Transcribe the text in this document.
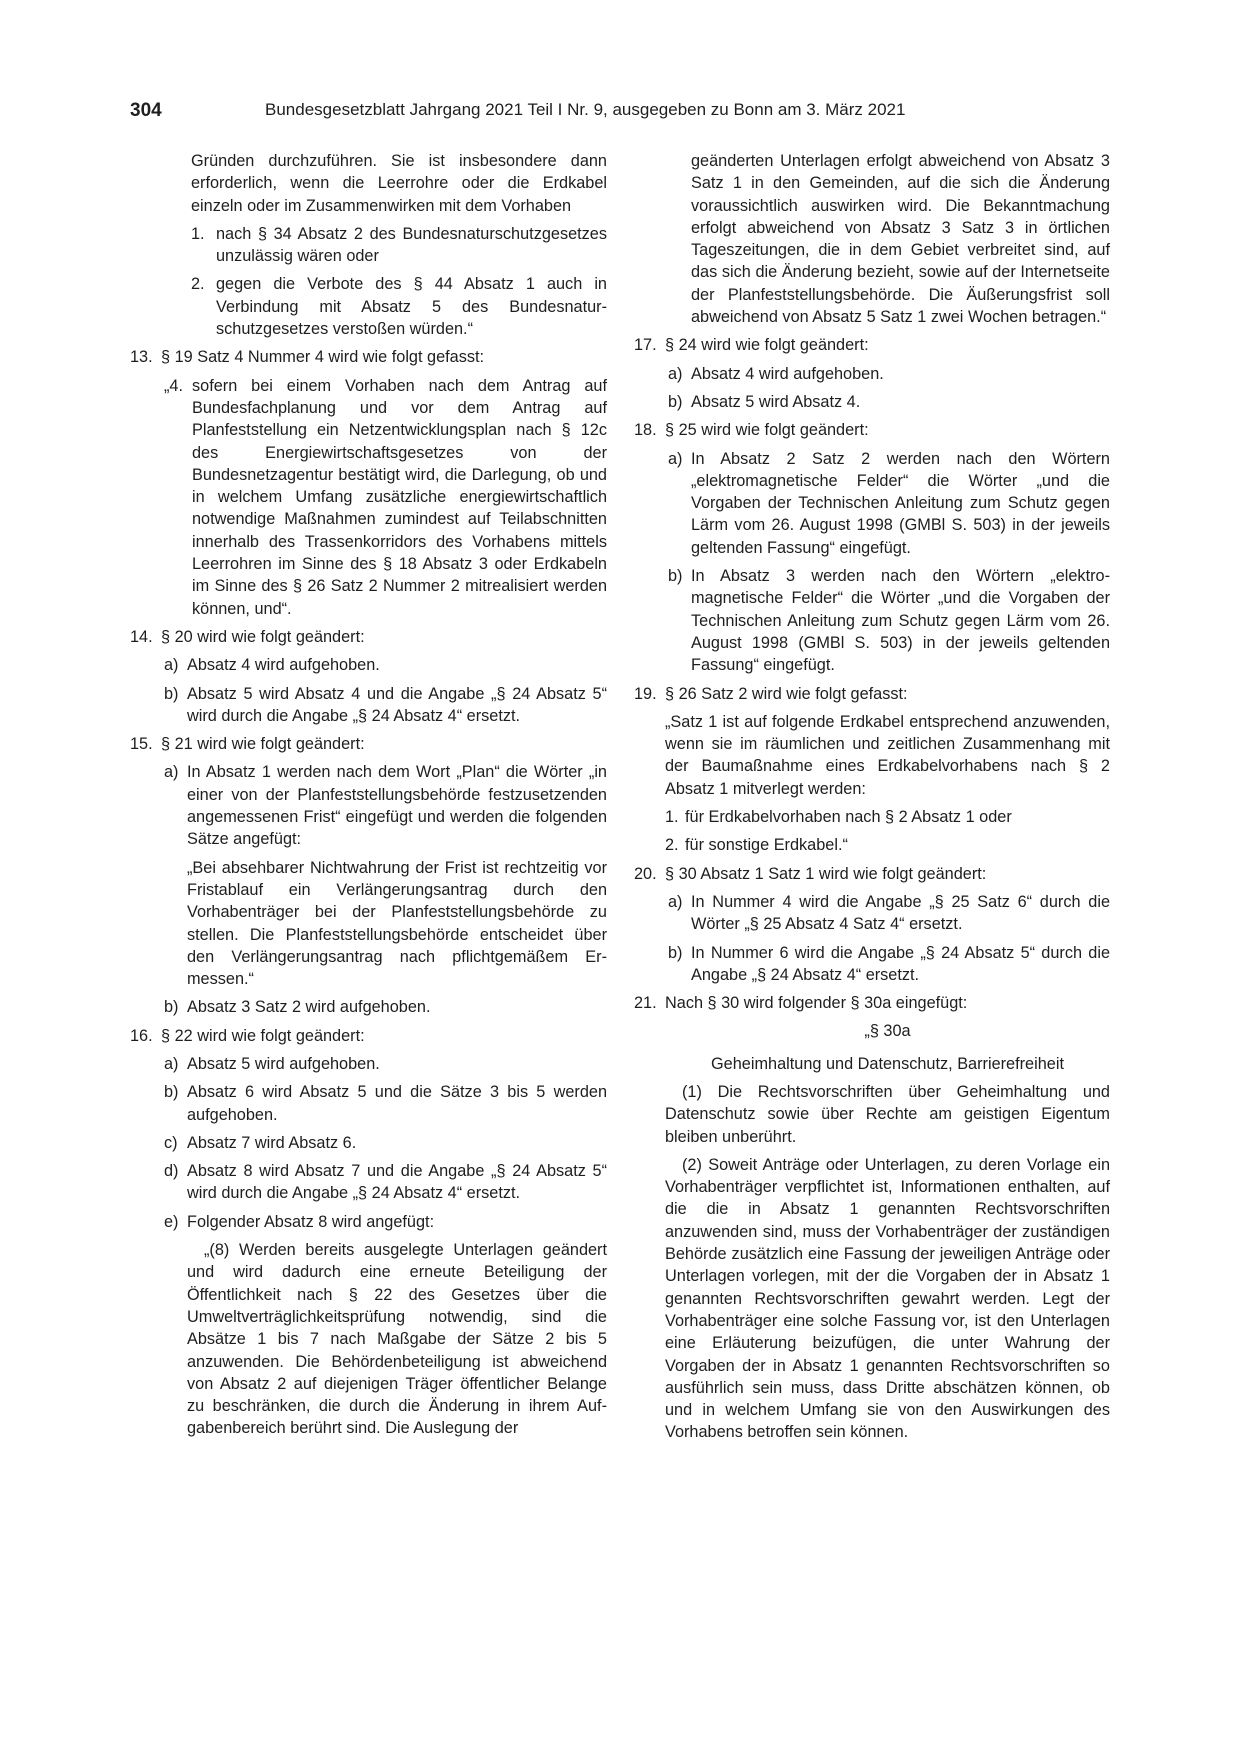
304	Bundesgesetzblatt Jahrgang 2021 Teil I Nr. 9, ausgegeben zu Bonn am 3. März 2021

Gründen durchzuführen. Sie ist insbesondere dann erforderlich, wenn die Leerrohre oder die Erdkabel einzeln oder im Zusammenwirken mit dem Vorhaben

1. nach § 34 Absatz 2 des Bundesnaturschutzgesetzes unzulässig wären oder

2. gegen die Verbote des § 44 Absatz 1 auch in Verbindung mit Absatz 5 des Bundesnaturschutzgesetzes verstoßen würden.“

13. § 19 Satz 4 Nummer 4 wird wie folgt gefasst:

„4. sofern bei einem Vorhaben nach dem Antrag auf Bundesfachplanung und vor dem Antrag auf Planfeststellung ein Netzentwicklungsplan nach § 12c des Energiewirtschaftsgesetzes von der Bundesnetzagentur bestätigt wird, die Darlegung, ob und in welchem Umfang zusätzliche energiewirtschaftlich notwendige Maßnahmen zumindest auf Teilabschnitten innerhalb des Trassenkorridors des Vorhabens mittels Leerrohren im Sinne des § 18 Absatz 3 oder Erdkabeln im Sinne des § 26 Satz 2 Nummer 2 mitrealisiert werden können, und“.

14. § 20 wird wie folgt geändert:

a) Absatz 4 wird aufgehoben.

b) Absatz 5 wird Absatz 4 und die Angabe „§ 24 Absatz 5“ wird durch die Angabe „§ 24 Absatz 4“ ersetzt.

15. § 21 wird wie folgt geändert:

a) In Absatz 1 werden nach dem Wort „Plan“ die Wörter „in einer von der Planfeststellungsbehörde festzusetzenden angemessenen Frist“ eingefügt und werden die folgenden Sätze angefügt:

„Bei absehbarer Nichtwahrung der Frist ist rechtzeitig vor Fristablauf ein Verlängerungsantrag durch den Vorhabenträger bei der Planfeststellungsbehörde zu stellen. Die Planfeststellungsbehörde entscheidet über den Verlängerungsantrag nach pflichtgemäßem Ermessen.“

b) Absatz 3 Satz 2 wird aufgehoben.

16. § 22 wird wie folgt geändert:

a) Absatz 5 wird aufgehoben.

b) Absatz 6 wird Absatz 5 und die Sätze 3 bis 5 werden aufgehoben.

c) Absatz 7 wird Absatz 6.

d) Absatz 8 wird Absatz 7 und die Angabe „§ 24 Absatz 5“ wird durch die Angabe „§ 24 Absatz 4“ ersetzt.

e) Folgender Absatz 8 wird angefügt:

„(8) Werden bereits ausgelegte Unterlagen geändert und wird dadurch eine erneute Beteiligung der Öffentlichkeit nach § 22 des Gesetzes über die Umweltverträglichkeitsprüfung notwendig, sind die Absätze 1 bis 7 nach Maßgabe der Sätze 2 bis 5 anzuwenden. Die Behördenbeteiligung ist abweichend von Absatz 2 auf diejenigen Träger öffentlicher Belange zu beschränken, die durch die Änderung in ihrem Aufgabenbereich berührt sind. Die Auslegung der

geänderten Unterlagen erfolgt abweichend von Absatz 3 Satz 1 in den Gemeinden, auf die sich die Änderung voraussichtlich auswirken wird. Die Bekanntmachung erfolgt abweichend von Absatz 3 Satz 3 in örtlichen Tageszeitungen, die in dem Gebiet verbreitet sind, auf das sich die Änderung bezieht, sowie auf der Internetseite der Planfeststellungsbehörde. Die Äußerungsfrist soll abweichend von Absatz 5 Satz 1 zwei Wochen betragen.“

17. § 24 wird wie folgt geändert:

a) Absatz 4 wird aufgehoben.

b) Absatz 5 wird Absatz 4.

18. § 25 wird wie folgt geändert:

a) In Absatz 2 Satz 2 werden nach den Wörtern „elektromagnetische Felder“ die Wörter „und die Vorgaben der Technischen Anleitung zum Schutz gegen Lärm vom 26. August 1998 (GMBl S. 503) in der jeweils geltenden Fassung“ eingefügt.

b) In Absatz 3 werden nach den Wörtern „elektromagnetische Felder“ die Wörter „und die Vorgaben der Technischen Anleitung zum Schutz gegen Lärm vom 26. August 1998 (GMBl S. 503) in der jeweils geltenden Fassung“ eingefügt.

19. § 26 Satz 2 wird wie folgt gefasst:

„Satz 1 ist auf folgende Erdkabel entsprechend anzuwenden, wenn sie im räumlichen und zeitlichen Zusammenhang mit der Baumaßnahme eines Erdkabelvorhabens nach § 2 Absatz 1 mitverlegt werden:

1. für Erdkabelvorhaben nach § 2 Absatz 1 oder

2. für sonstige Erdkabel.“

20. § 30 Absatz 1 Satz 1 wird wie folgt geändert:

a) In Nummer 4 wird die Angabe „§ 25 Satz 6“ durch die Wörter „§ 25 Absatz 4 Satz 4“ ersetzt.

b) In Nummer 6 wird die Angabe „§ 24 Absatz 5“ durch die Angabe „§ 24 Absatz 4“ ersetzt.

21. Nach § 30 wird folgender § 30a eingefügt:

„§ 30a

Geheimhaltung und Datenschutz, Barrierefreiheit

(1) Die Rechtsvorschriften über Geheimhaltung und Datenschutz sowie über Rechte am geistigen Eigentum bleiben unberührt.

(2) Soweit Anträge oder Unterlagen, zu deren Vorlage ein Vorhabenträger verpflichtet ist, Informationen enthalten, auf die die in Absatz 1 genannten Rechtsvorschriften anzuwenden sind, muss der Vorhabenträger der zuständigen Behörde zusätzlich eine Fassung der jeweiligen Anträge oder Unterlagen vorlegen, mit der die Vorgaben der in Absatz 1 genannten Rechtsvorschriften gewahrt werden. Legt der Vorhabenträger eine solche Fassung vor, ist den Unterlagen eine Erläuterung beizufügen, die unter Wahrung der Vorgaben der in Absatz 1 genannten Rechtsvorschriften so ausführlich sein muss, dass Dritte abschätzen können, ob und in welchem Umfang sie von den Auswirkungen des Vorhabens betroffen sein können.
